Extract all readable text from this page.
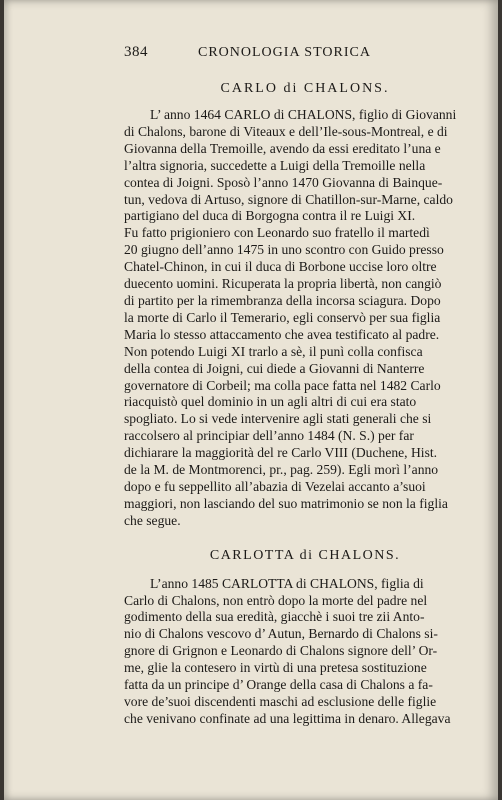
384	CRONOLOGIA STORICA
CARLO di CHALONS.

L’ anno 1464 CARLO di CHALONS, figlio di Giovanni
di Chalons, barone di Viteaux e dell’Ile-sous-Montreal, e di
Giovanna della Tremoille, avendo da essi ereditato l’una e
l’altra signoria, succedette a Luigi della Tremoille nella
contea di Joigni. Sposò l’anno 1470 Giovanna di Bainque-
tun, vedova di Artuso, signore di Chatillon-sur-Marne, caldo
partigiano del duca di Borgogna contra il re Luigi XI.
Fu fatto prigioniero con Leonardo suo fratello il martedì
20 giugno dell’anno 1475 in uno scontro con Guido presso
Chatel-Chinon, in cui il duca di Borbone uccise loro oltre
duecento uomini. Ricuperata la propria libertà, non cangiò
di partito per la rimembranza della incorsa sciagura. Dopo
la morte di Carlo il Temerario, egli conservò per sua figlia
Maria lo stesso attaccamento che avea testificato al padre.
Non potendo Luigi XI trarlo a sè, il punì colla confisca
della contea di Joigni, cui diede a Giovanni di Nanterre
governatore di Corbeil; ma colla pace fatta nel 1482 Carlo
riacquistò quel dominio in un agli altri di cui era stato
spogliato. Lo si vede intervenire agli stati generali che si
raccolsero al principiar dell’anno 1484 (N. S.) per far
dichiarare la maggiorità del re Carlo VIII (Duchene, Hist.
de la M. de Montmorenci, pr., pag. 259). Egli morì l’anno
dopo e fu seppellito all’abazia di Vezelai accanto a’suoi
maggiori, non lasciando del suo matrimonio se non la figlia
che segue.

CARLOTTA di CHALONS.

L’anno 1485 CARLOTTA di CHALONS, figlia di
Carlo di Chalons, non entrò dopo la morte del padre nel
godimento della sua eredità, giacchè i suoi tre zii Anto-
nio di Chalons vescovo d’ Autun, Bernardo di Chalons si-
gnore di Grignon e Leonardo di Chalons signore dell’ Or-
me, glie la contesero in virtù di una pretesa sostituzione
fatta da un principe d’ Orange della casa di Chalons a fa-
vore de’suoi discendenti maschi ad esclusione delle figlie
che venivano confinate ad una legittima in denaro. Allegava
